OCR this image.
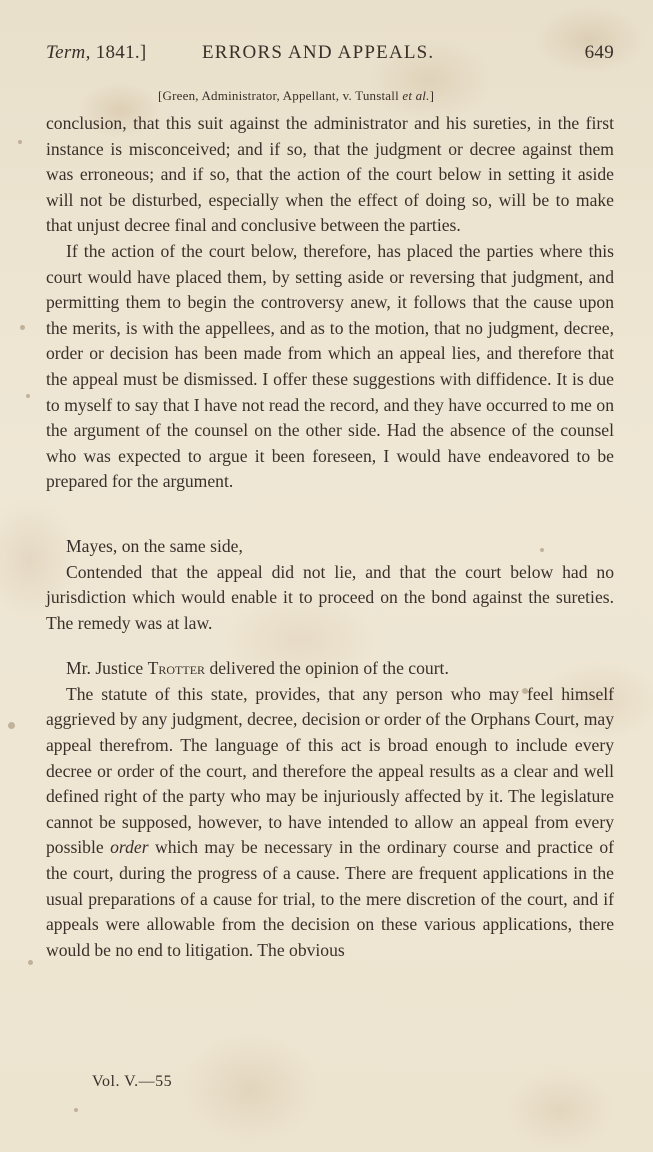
Term, 1841.]	ERRORS AND APPEALS.	649
[Green, Administrator, Appellant, v. Tunstall et al.]

conclusion, that this suit against the administrator and his sureties, in the first instance is misconceived; and if so, that the judgment or decree against them was erroneous; and if so, that the action of the court below in setting it aside will not be disturbed, especially when the effect of doing so, will be to make that unjust decree final and conclusive between the parties.

If the action of the court below, therefore, has placed the parties where this court would have placed them, by setting aside or reversing that judgment, and permitting them to begin the controversy anew, it follows that the cause upon the merits, is with the appellees, and as to the motion, that no judgment, decree, order or decision has been made from which an appeal lies, and therefore that the appeal must be dismissed. I offer these suggestions with diffidence. It is due to myself to say that I have not read the record, and they have occurred to me on the argument of the counsel on the other side. Had the absence of the counsel who was expected to argue it been foreseen, I would have endeavored to be prepared for the argument.

Mayes, on the same side,

Contended that the appeal did not lie, and that the court below had no jurisdiction which would enable it to proceed on the bond against the sureties. The remedy was at law.

Mr. Justice Trotter delivered the opinion of the court.

The statute of this state, provides, that any person who may feel himself aggrieved by any judgment, decree, decision or order of the Orphans Court, may appeal therefrom. The language of this act is broad enough to include every decree or order of the court, and therefore the appeal results as a clear and well defined right of the party who may be injuriously affected by it. The legislature cannot be supposed, however, to have intended to allow an appeal from every possible order which may be necessary in the ordinary course and practice of the court, during the progress of a cause. There are frequent applications in the usual preparations of a cause for trial, to the mere discretion of the court, and if appeals were allowable from the decision on these various applications, there would be no end to litigation. The obvious

Vol. V.—55
